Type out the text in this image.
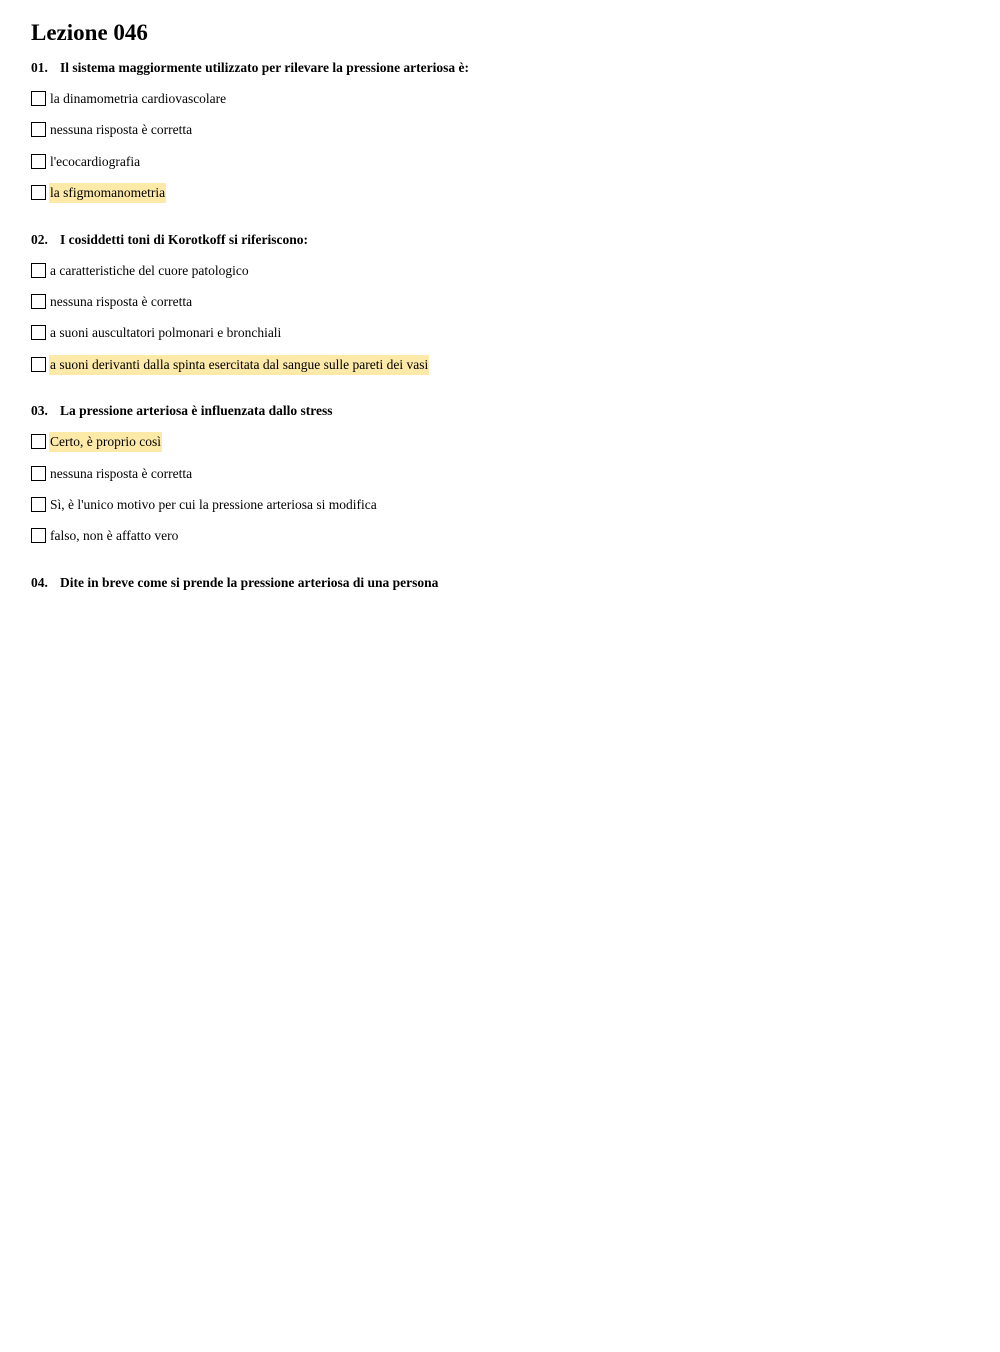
Lezione 046
01. Il sistema maggiormente utilizzato per rilevare la pressione arteriosa è:
la dinamometria cardiovascolare
nessuna risposta è corretta
l'ecocardiografia
la sfigmomanometria
02. I cosiddetti toni di Korotkoff si riferiscono:
a caratteristiche del cuore patologico
nessuna risposta è corretta
a suoni auscultatori polmonari e bronchiali
a suoni derivanti dalla spinta esercitata dal sangue sulle pareti dei vasi
03. La pressione arteriosa è influenzata dallo stress
Certo, è proprio così
nessuna risposta è corretta
Sì, è l'unico motivo per cui la pressione arteriosa si modifica
falso, non è affatto vero
04. Dite in breve come si prende la pressione arteriosa di una persona
